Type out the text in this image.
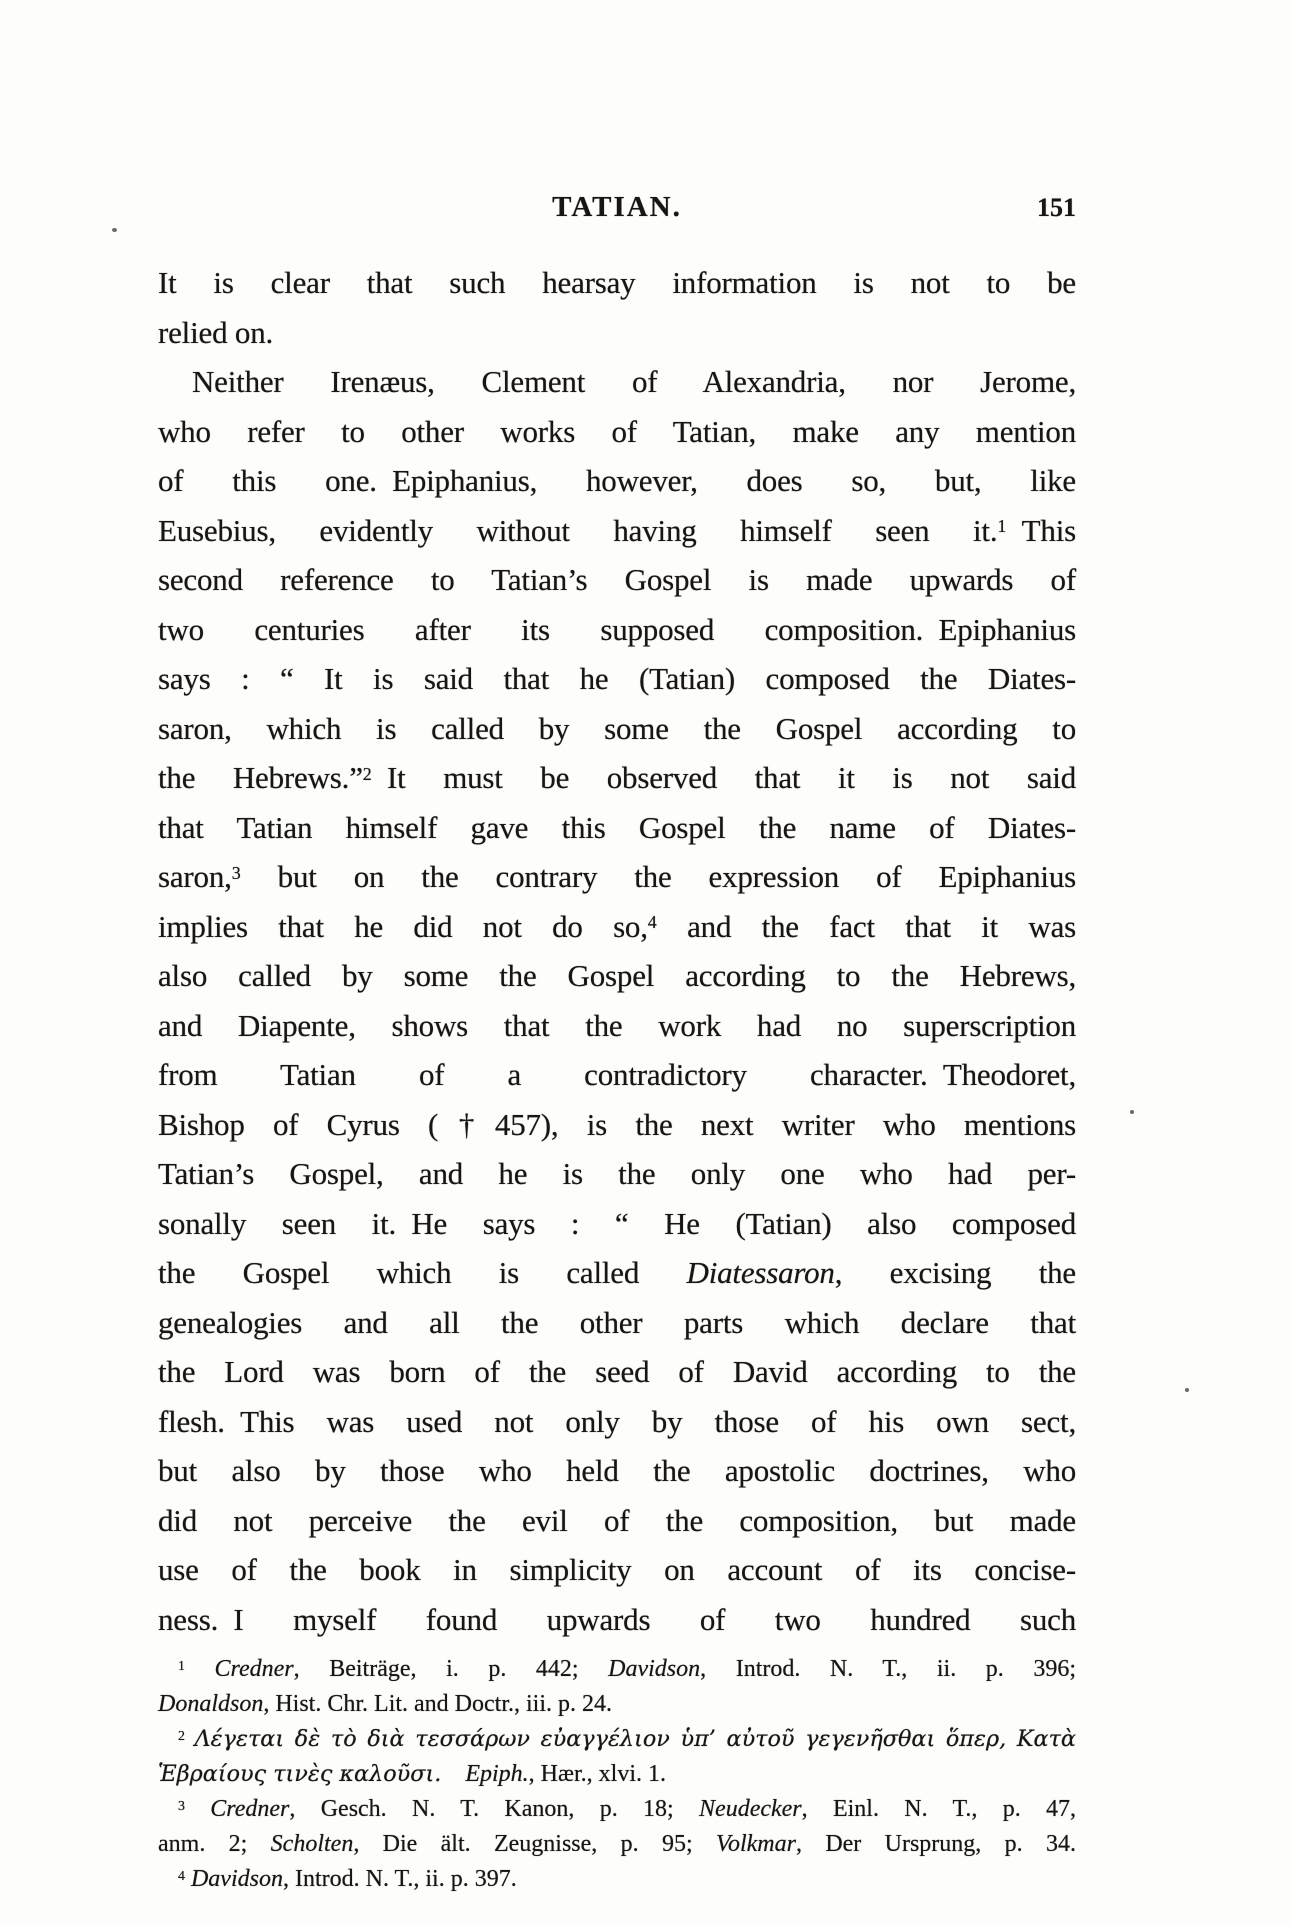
TATIAN.	151
It is clear that such hearsay information is not to be
relied on.
Neither Irenæus, Clement of Alexandria, nor Jerome,
who refer to other works of Tatian, make any mention
of this one. Epiphanius, however, does so, but, like
Eusebius, evidently without having himself seen it.$^1$ This
second reference to Tatian’s Gospel is made upwards of
two centuries after its supposed composition. Epiphanius
says : “ It is said that he (Tatian) composed the Diates-
saron, which is called by some the Gospel according to
the Hebrews.”$^2$ It must be observed that it is not said
that Tatian himself gave this Gospel the name of Diates-
saron,$^3$ but on the contrary the expression of Epiphanius
implies that he did not do so,$^4$ and the fact that it was
also called by some the Gospel according to the Hebrews,
and Diapente, shows that the work had no superscription
from Tatian of a contradictory character. Theodoret,
Bishop of Cyrus (†457), is the next writer who mentions
Tatian’s Gospel, and he is the only one who had per-
sonally seen it. He says : “ He (Tatian) also composed
the Gospel which is called Diatessaron, excising the
genealogies and all the other parts which declare that
the Lord was born of the seed of David according to the
flesh. This was used not only by those of his own sect,
but also by those who held the apostolic doctrines, who
did not perceive the evil of the composition, but made
use of the book in simplicity on account of its concise-
ness. I myself found upwards of two hundred such
$^1$ Credner, Beiträge, i. p. 442; Davidson, Introd. N. T., ii. p. 396;
Donaldson, Hist. Chr. Lit. and Doctr., iii. p. 24.
$^2$ Λέγεται δὲ τὸ διὰ τεσσάρων εὐαγγέλιον ὑπ’ αὐτοῦ γεγενῆσθαι ὅπερ, Κατὰ
Ἑβραίους τινὲς καλοῦσι.  Epiph., Hær., xlvi. 1.
$^3$ Credner, Gesch. N. T. Kanon, p. 18; Neudecker, Einl. N. T., p. 47,
anm. 2; Scholten, Die ält. Zeugnisse, p. 95; Volkmar, Der Ursprung, p. 34.
$^4$ Davidson, Introd. N. T., ii. p. 397.
